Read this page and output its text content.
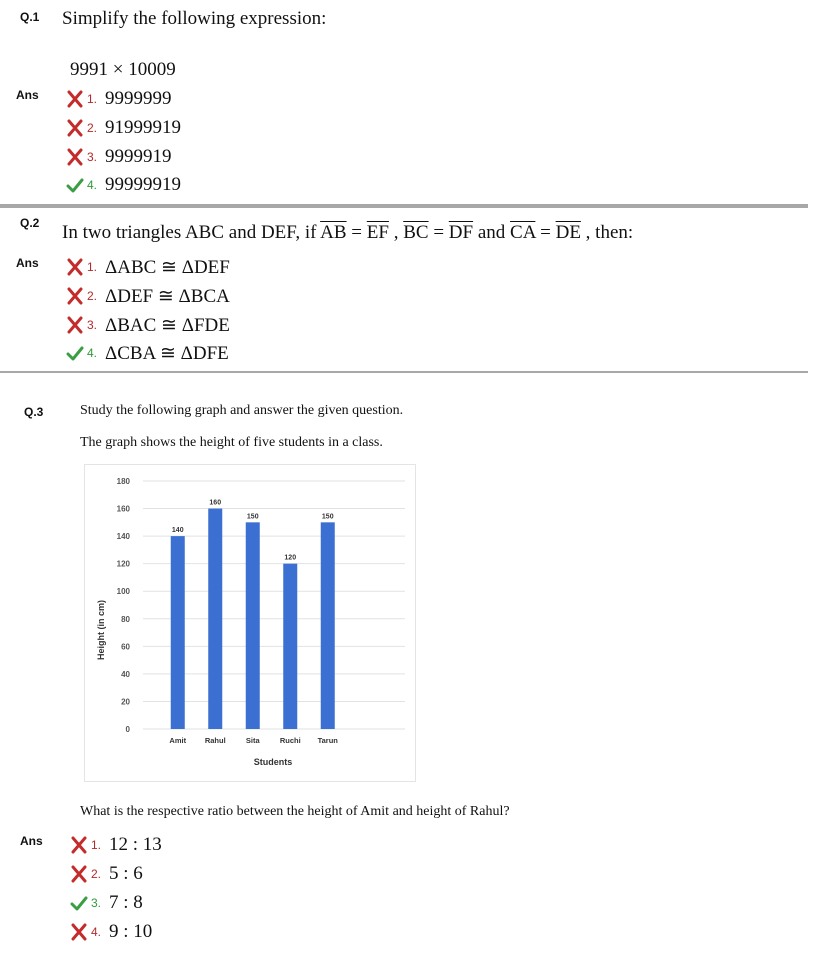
Q.1 Simplify the following expression:
9991 × 10009
Ans	1. 9999999
2. 91999919
3. 9999919
4. 99999919
Q.2 In two triangles ABC and DEF, if $\overline{AB} = \overline{EF}$ , $\overline{BC} = \overline{DF}$ and $\overline{CA} = \overline{DE}$ , then:
Ans	1. ΔABC ≅ ΔDEF
2. ΔDEF ≅ ΔBCA
3. ΔBAC ≅ ΔFDE
4. ΔCBA ≅ ΔDFE
Q.3	Study the following graph and answer the given question.
The graph shows the height of five students in a class.
0
20
40
60
80
100
120
140
160
180
140
Amit
160
Rahul
150
Sita
120
Ruchi
150
Tarun
Height (in cm)
Students
What is the respective ratio between the height of Amit and height of Rahul?
Ans	1. 12 : 13
2. 5 : 6
3. 7 : 8
4. 9 : 10
